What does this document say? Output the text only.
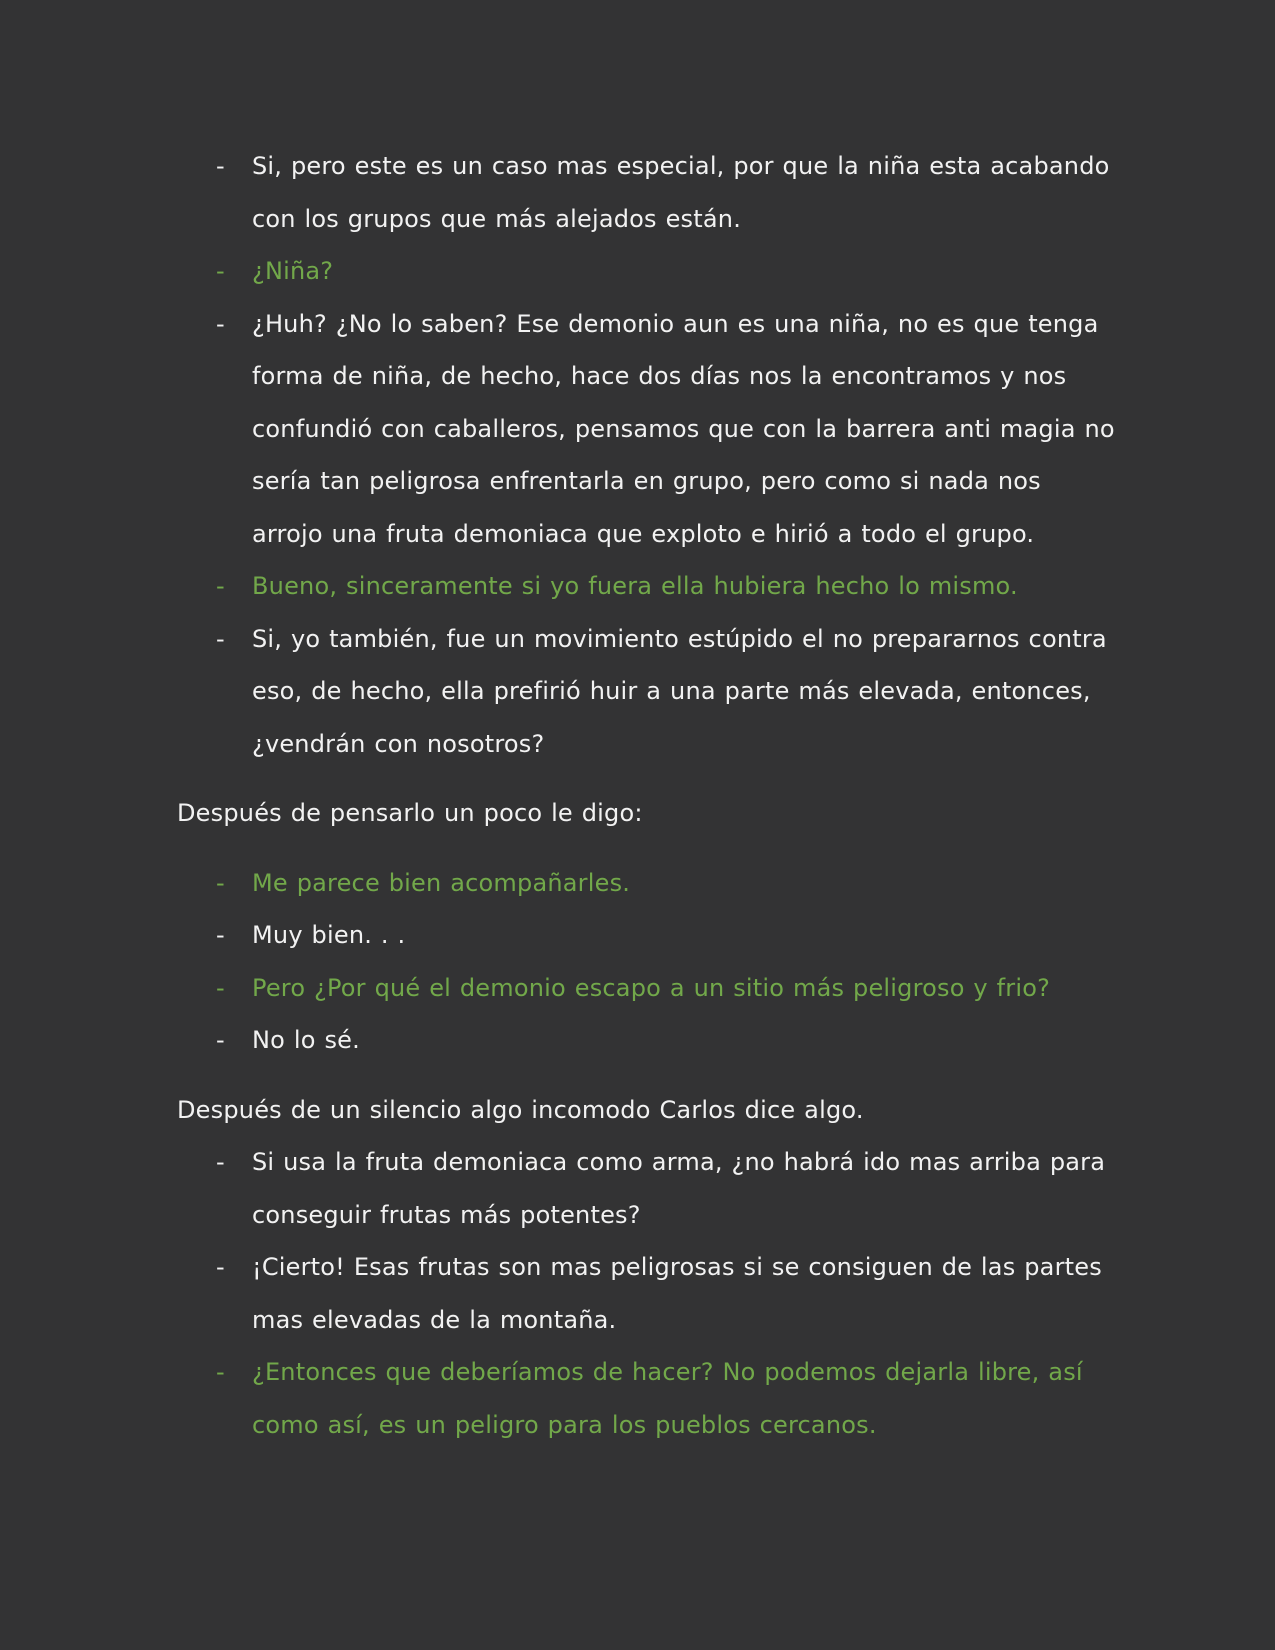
- Si, pero este es un caso mas especial, por que la niña esta acabando con los grupos que más alejados están.
- ¿Niña?
- ¿Huh? ¿No lo saben? Ese demonio aun es una niña, no es que tenga forma de niña, de hecho, hace dos días nos la encontramos y nos confundió con caballeros, pensamos que con la barrera anti magia no sería tan peligrosa enfrentarla en grupo, pero como si nada nos arrojo una fruta demoniaca que exploto e hirió a todo el grupo.
- Bueno, sinceramente si yo fuera ella hubiera hecho lo mismo.
- Si, yo también, fue un movimiento estúpido el no prepararnos contra eso, de hecho, ella prefirió huir a una parte más elevada, entonces, ¿vendrán con nosotros?
Después de pensarlo un poco le digo:
- Me parece bien acompañarles.
- Muy bien. . .
- Pero ¿Por qué el demonio escapo a un sitio más peligroso y frio?
- No lo sé.
Después de un silencio algo incomodo Carlos dice algo.
- Si usa la fruta demoniaca como arma, ¿no habrá ido mas arriba para conseguir frutas más potentes?
- ¡Cierto! Esas frutas son mas peligrosas si se consiguen de las partes mas elevadas de la montaña.
- ¿Entonces que deberíamos de hacer? No podemos dejarla libre, así como así, es un peligro para los pueblos cercanos.
